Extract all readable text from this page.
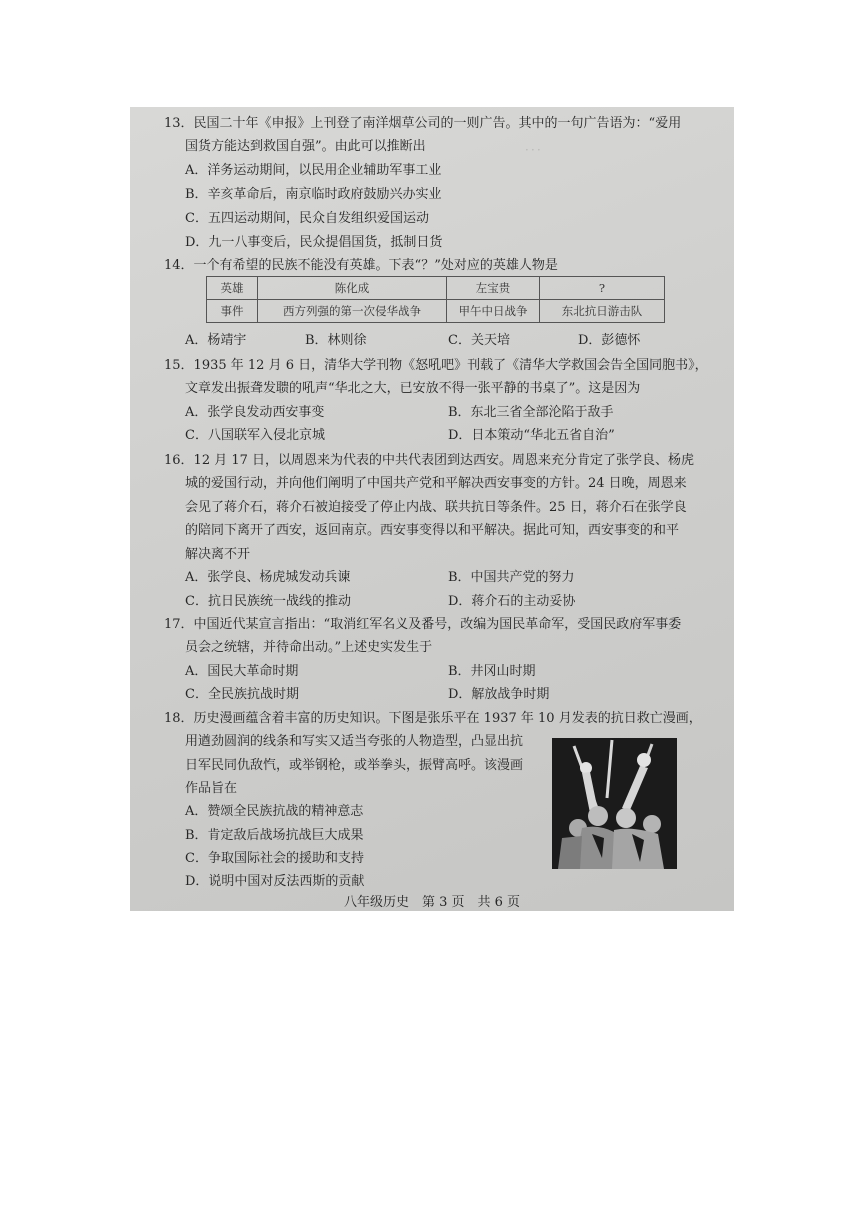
．．．
13．民国二十年《申报》上刊登了南洋烟草公司的一则广告。其中的一句广告语为：“爱用
国货方能达到救国自强”。由此可以推断出
A．洋务运动期间，以民用企业辅助军事工业
B．辛亥革命后，南京临时政府鼓励兴办实业
C．五四运动期间，民众自发组织爱国运动
D．九一八事变后，民众提倡国货，抵制日货
14．一个有希望的民族不能没有英雄。下表“？”处对应的英雄人物是
英雄	陈化成	左宝贵	?
事件	西方列强的第一次侵华战争	甲午中日战争	东北抗日游击队
A．杨靖宇	B．林则徐	C．关天培	D．彭德怀
15．1935 年 12 月 6 日，清华大学刊物《怒吼吧》刊载了《清华大学救国会告全国同胞书》，
文章发出振聋发聩的吼声“华北之大，已安放不得一张平静的书桌了”。这是因为
A．张学良发动西安事变	B．东北三省全部沦陷于敌手
C．八国联军入侵北京城	D．日本策动“华北五省自治”
16．12 月 17 日，以周恩来为代表的中共代表团到达西安。周恩来充分肯定了张学良、杨虎
城的爱国行动，并向他们阐明了中国共产党和平解决西安事变的方针。24 日晚，周恩来
会见了蒋介石，蒋介石被迫接受了停止内战、联共抗日等条件。25 日，蒋介石在张学良
的陪同下离开了西安，返回南京。西安事变得以和平解决。据此可知，西安事变的和平
解决离不开
A．张学良、杨虎城发动兵谏	B．中国共产党的努力
C．抗日民族统一战线的推动	D．蒋介石的主动妥协
17．中国近代某宣言指出：“取消红军名义及番号，改编为国民革命军，受国民政府军事委
员会之统辖，并待命出动。”上述史实发生于
A．国民大革命时期	B．井冈山时期
C．全民族抗战时期	D．解放战争时期
18．历史漫画蕴含着丰富的历史知识。下图是张乐平在 1937 年 10 月发表的抗日救亡漫画，
用遒劲圆润的线条和写实又适当夸张的人物造型，凸显出抗
日军民同仇敌忾，或举钢枪，或举拳头，振臂高呼。该漫画
作品旨在
A．赞颂全民族抗战的精神意志
B．肯定敌后战场抗战巨大成果
C．争取国际社会的援助和支持
D．说明中国对反法西斯的贡献
八年级历史　第 3 页　共 6 页
